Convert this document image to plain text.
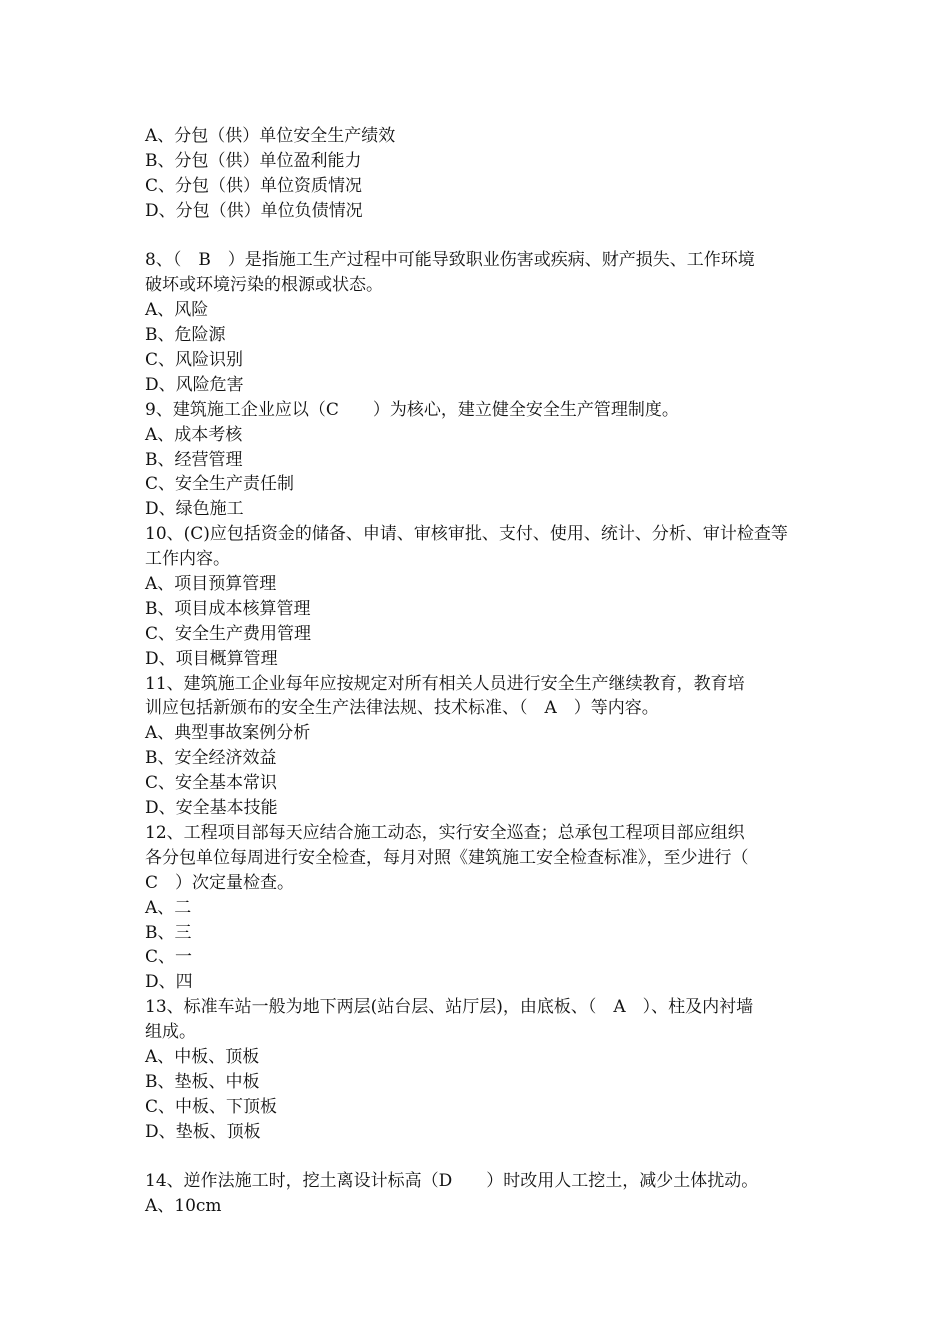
A、分包（供）单位安全生产绩效
B、分包（供）单位盈利能力
C、分包（供）单位资质情况
D、分包（供）单位负债情况
8、（　B　）是指施工生产过程中可能导致职业伤害或疾病、财产损失、工作环境
破坏或环境污染的根源或状态。
A、风险
B、危险源
C、风险识别
D、风险危害
9、建筑施工企业应以（C　　）为核心，建立健全安全生产管理制度。
A、成本考核
B、经营管理
C、安全生产责任制
D、绿色施工
10、(C)应包括资金的储备、申请、审核审批、支付、使用、统计、分析、审计检查等
工作内容。
A、项目预算管理
B、项目成本核算管理
C、安全生产费用管理
D、项目概算管理
11、建筑施工企业每年应按规定对所有相关人员进行安全生产继续教育，教育培
训应包括新颁布的安全生产法律法规、技术标准、（　A　）等内容。
A、典型事故案例分析
B、安全经济效益
C、安全基本常识
D、安全基本技能
12、工程项目部每天应结合施工动态，实行安全巡查；总承包工程项目部应组织
各分包单位每周进行安全检查，每月对照《建筑施工安全检查标准》，至少进行（
C　）次定量检查。
A、二
B、三
C、一
D、四
13、标准车站一般为地下两层(站台层、站厅层)，由底板、（　A　）、柱及内衬墙
组成。
A、中板、顶板
B、垫板、中板
C、中板、下顶板
D、垫板、顶板
14、逆作法施工时，挖土离设计标高（D　　）时改用人工挖土，减少土体扰动。
A、10cm
